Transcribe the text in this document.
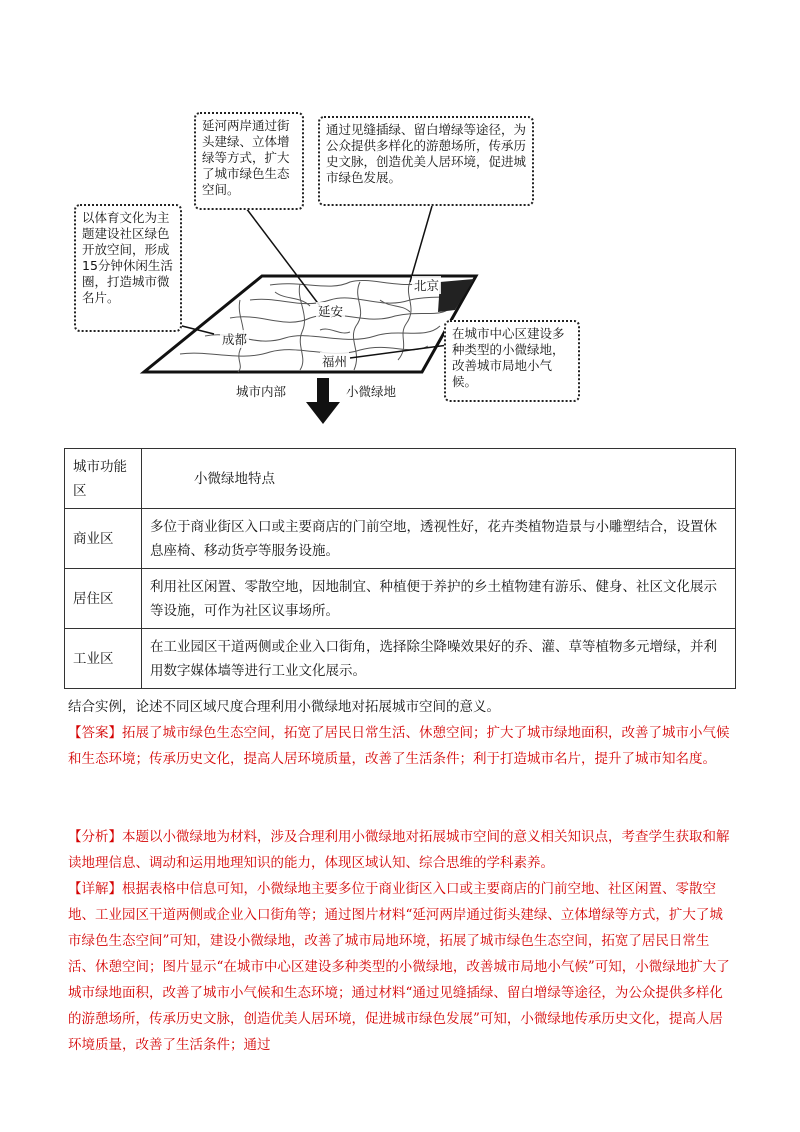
延河两岸通过街头建绿、立体增绿等方式，扩大了城市绿色生态空间。
通过见缝插绿、留白增绿等途径，为公众提供多样化的游憩场所，传承历史文脉，创造优美人居环境，促进城市绿色发展。
以体育文化为主题建设社区绿色开放空间，形成15分钟休闲生活圈，打造城市微名片。
在城市中心区建设多种类型的小微绿地，改善城市局地小气候。
北京
延安
成都
福州
城市内部	小微绿地
城市功能区	小微绿地特点
商业区	多位于商业街区入口或主要商店的门前空地，透视性好，花卉类植物造景与小雕塑结合，设置休息座椅、移动货亭等服务设施。
居住区	利用社区闲置、零散空地，因地制宜、种植便于养护的乡土植物建有游乐、健身、社区文化展示等设施，可作为社区议事场所。
工业区	在工业园区干道两侧或企业入口街角，选择除尘降噪效果好的乔、灌、草等植物多元增绿，并利用数字媒体墙等进行工业文化展示。
结合实例，论述不同区域尺度合理利用小微绿地对拓展城市空间的意义。
【答案】拓展了城市绿色生态空间，拓宽了居民日常生活、休憩空间；扩大了城市绿地面积，改善了城市小气候和生态环境；传承历史文化，提高人居环境质量，改善了生活条件；利于打造城市名片，提升了城市知名度。
【分析】本题以小微绿地为材料，涉及合理利用小微绿地对拓展城市空间的意义相关知识点，考查学生获取和解读地理信息、调动和运用地理知识的能力，体现区域认知、综合思维的学科素养。
【详解】根据表格中信息可知，小微绿地主要多位于商业街区入口或主要商店的门前空地、社区闲置、零散空地、工业园区干道两侧或企业入口街角等；通过图片材料“延河两岸通过街头建绿、立体增绿等方式，扩大了城市绿色生态空间”可知，建设小微绿地，改善了城市局地环境，拓展了城市绿色生态空间，拓宽了居民日常生活、休憩空间；图片显示“在城市中心区建设多种类型的小微绿地，改善城市局地小气候”可知，小微绿地扩大了城市绿地面积，改善了城市小气候和生态环境；通过材料“通过见缝插绿、留白增绿等途径，为公众提供多样化的游憩场所，传承历史文脉，创造优美人居环境，促进城市绿色发展”可知，小微绿地传承历史文化，提高人居环境质量，改善了生活条件；通过
